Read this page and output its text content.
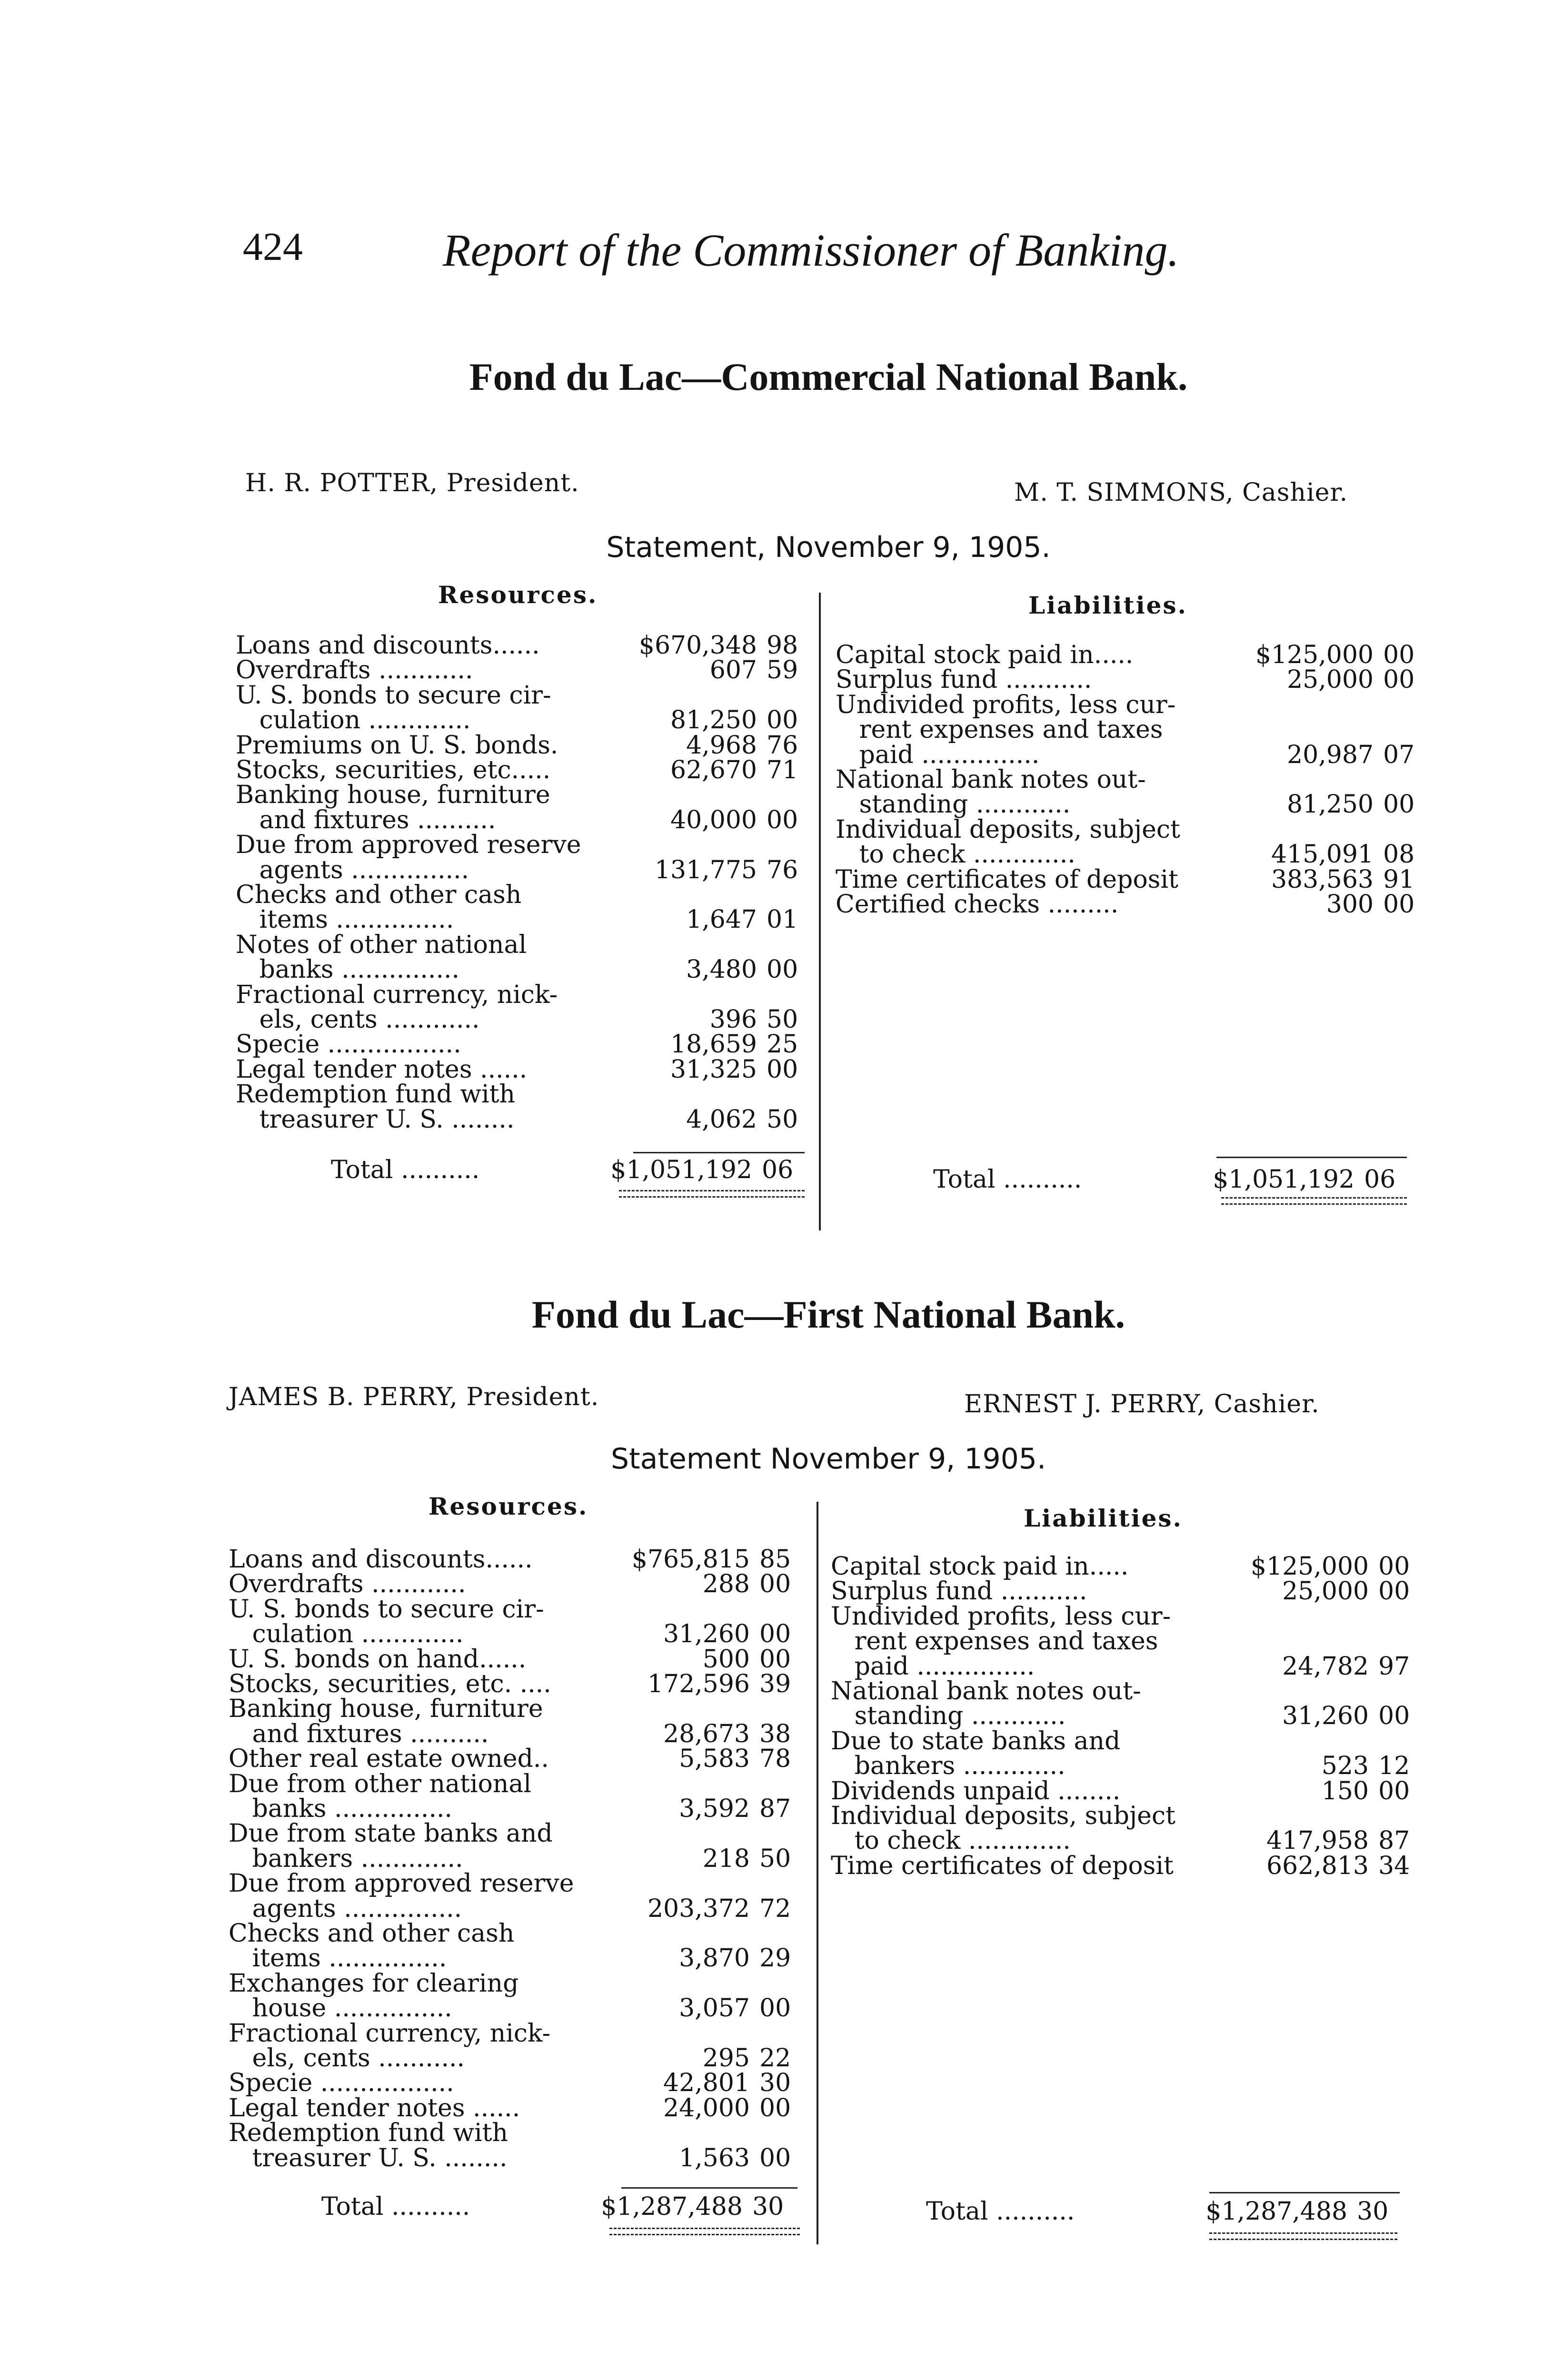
424	Report of the Commissioner of Banking.
Fond du Lac—Commercial National Bank.
H. R. POTTER, President.	M. T. SIMMONS, Cashier.
Statement, November 9, 1905.
Resources.	Liabilities.
Loans and discounts......	$670,348 98
Overdrafts ............	607 59
U. S. bonds to secure cir-
culation .............	81,250 00
Premiums on U. S. bonds.	4,968 76
Stocks, securities, etc.....	62,670 71
Banking house, furniture
and fixtures ..........	40,000 00
Due from approved reserve
agents ...............	131,775 76
Checks and other cash
items ...............	1,647 01
Notes of other national
banks ...............	3,480 00
Fractional currency, nick-
els, cents ............	396 50
Specie .................	18,659 25
Legal tender notes ......	31,325 00
Redemption fund with
treasurer U. S. ........	4,062 50
Capital stock paid in.....	$125,000 00
Surplus fund ...........	25,000 00
Undivided profits, less cur-
rent expenses and taxes
paid ...............	20,987 07
National bank notes out-
standing ............	81,250 00
Individual deposits, subject
to check .............	415,091 08
Time certificates of deposit	383,563 91
Certified checks .........	300 00
Total ..........	$1,051,192 06	Total ..........	$1,051,192 06
Fond du Lac—First National Bank.
JAMES B. PERRY, President.	ERNEST J. PERRY, Cashier.
Statement November 9, 1905.
Resources.	Liabilities.
Loans and discounts......	$765,815 85
Overdrafts ............	288 00
U. S. bonds to secure cir-
culation .............	31,260 00
U. S. bonds on hand......	500 00
Stocks, securities, etc. ....	172,596 39
Banking house, furniture
and fixtures ..........	28,673 38
Other real estate owned..	5,583 78
Due from other national
banks ...............	3,592 87
Due from state banks and
bankers .............	218 50
Due from approved reserve
agents ...............	203,372 72
Checks and other cash
items ...............	3,870 29
Exchanges for clearing
house ...............	3,057 00
Fractional currency, nick-
els, cents ...........	295 22
Specie .................	42,801 30
Legal tender notes ......	24,000 00
Redemption fund with
treasurer U. S. ........	1,563 00
Capital stock paid in.....	$125,000 00
Surplus fund ...........	25,000 00
Undivided profits, less cur-
rent expenses and taxes
paid ...............	24,782 97
National bank notes out-
standing ............	31,260 00
Due to state banks and
bankers .............	523 12
Dividends unpaid ........	150 00
Individual deposits, subject
to check .............	417,958 87
Time certificates of deposit	662,813 34
Total ..........	$1,287,488 30	Total ..........	$1,287,488 30
